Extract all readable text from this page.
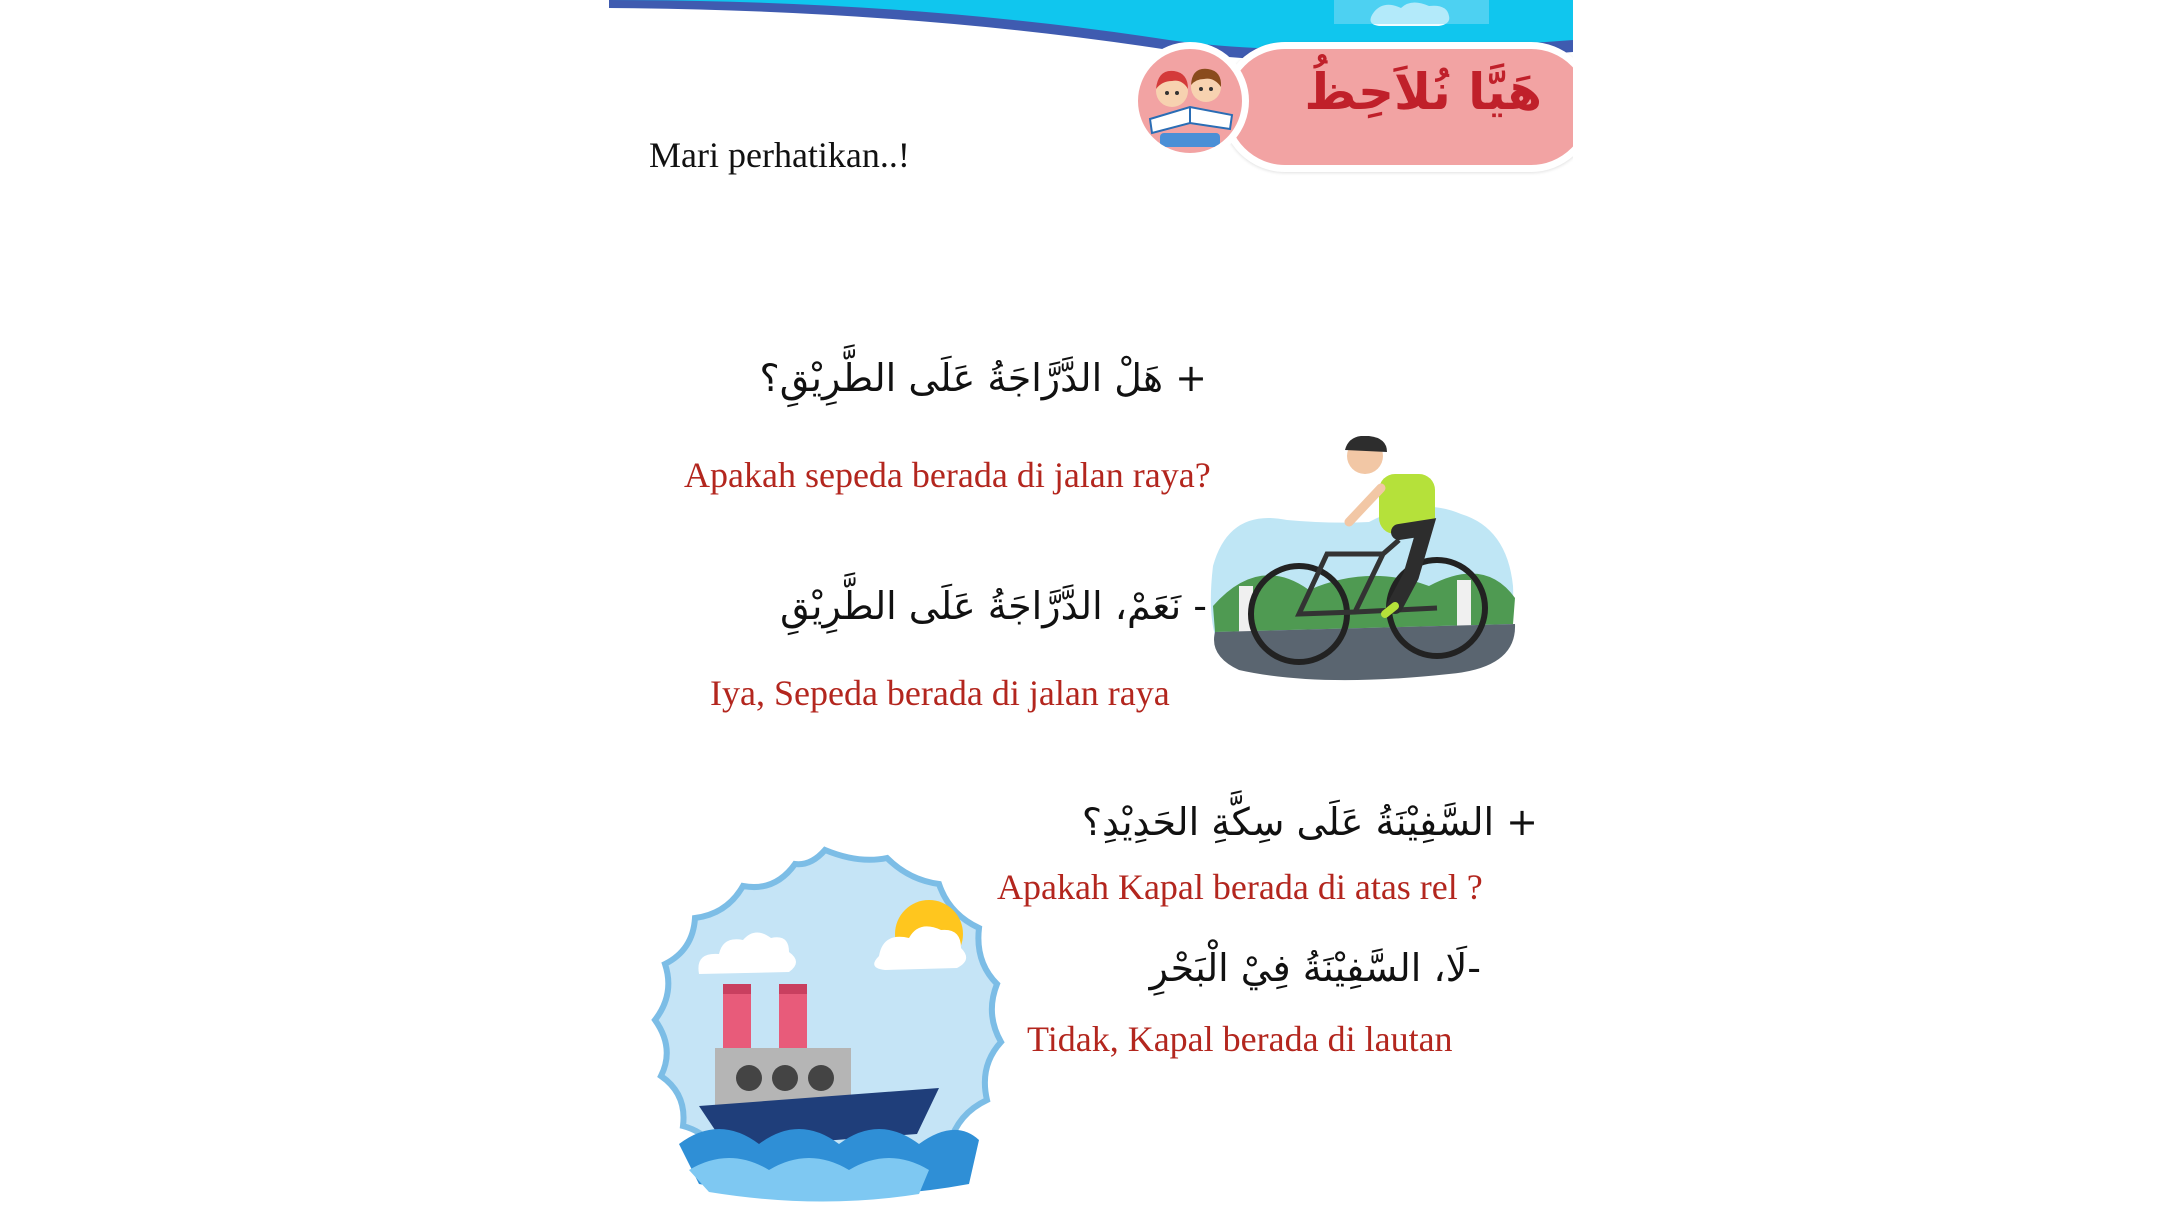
هَيَّا نُلاَحِظُ
Mari perhatikan..!
+ هَلْ الدَّرَّاجَةُ عَلَى الطَّرِيْقِ؟
Apakah sepeda berada di jalan raya?
- نَعَمْ، الدَّرَّاجَةُ عَلَى الطَّرِيْقِ
Iya, Sepeda berada di jalan raya
+ السَّفِيْنَةُ عَلَى سِكَّةِ الحَدِيْدِ؟
Apakah Kapal berada di atas rel ?
-لَا، السَّفِيْنَةُ فِيْ الْبَحْرِ
Tidak, Kapal berada di lautan
